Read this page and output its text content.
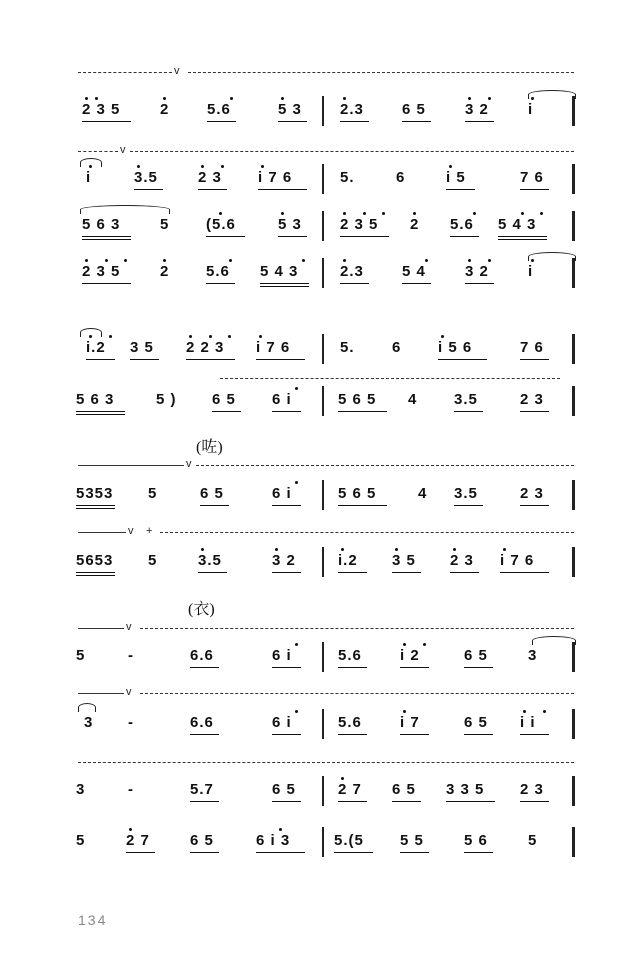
v
2 3 5	2	5.6	5 3	2.3	6 5	3 2	i
v
i	3.5	2 3 i 7 6	5.	6	i 5	7 6
5 6 3	5 (5.6	5 3	2 3 5 2 5.6 5 4 3
2 3 5	2 5.6 5 4 3	2.3	5 4	3 2	i
i.2 3 5 2 2 3 i 7 6	5. 6 i 5 6	7 6
5 6 3	5 ) 6 5 6 i	5 6 5 4 3.5	2 3
(咗)
v
5353 5	6 5	6 i	5 6 5	4 3.5	2 3
v +
5653 5	3.5	3 2	i.2 3 5 2 3 i 7 6
(衣)
v
5	-	6.6	6 i	5.6	i 2	6 5	3
v
3 -	6.6	6 i	5.6	i 7	6 5 i i
3	-	5.7	6 5	2 7 6 5 3 3 5 2 3
5	2 7	6 5	6 i 3	5.(5 5 5	5 6	5
134
